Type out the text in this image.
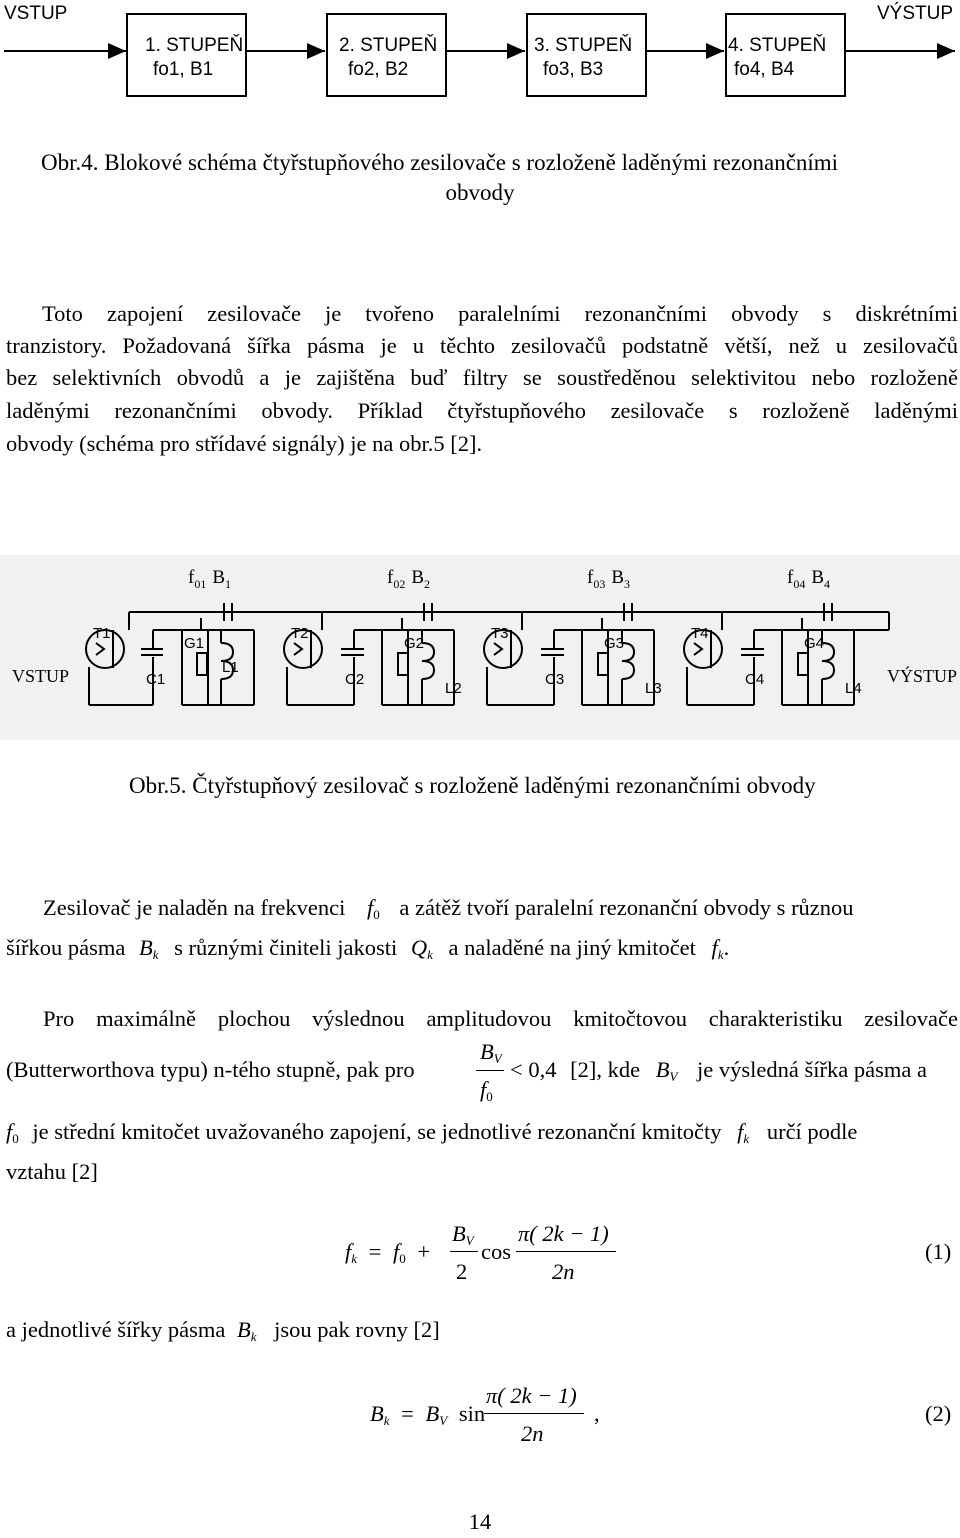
VSTUP	VÝSTUP
1. STUPEŇ
fo1, B1
2. STUPEŇ
fo2, B2
3. STUPEŇ
fo3, B3
4. STUPEŇ
fo4, B4
Obr.4. Blokové schéma čtyřstupňového zesilovače s rozloženě laděnými rezonančními
obvody
Toto zapojení zesilovače je tvořeno paralelními rezonančními obvody s diskrétními
tranzistory. Požadovaná šířka pásma je u těchto zesilovačů podstatně větší, než u zesilovačů
bez selektivních obvodů a je zajištěna buď filtry se soustředěnou selektivitou nebo rozloženě
laděnými rezonančními obvody. Příklad čtyřstupňového zesilovače s rozloženě laděnými
obvody (schéma pro střídavé signály) je na obr.5 [2].
$f_{01}$ $B_1$	$f_{02}$ $B_2$	$f_{03}$ $B_3$	$f_{04}$ $B_4$
T1
C1
G1
L1
T2
C2
G2
L2
T3
C3
G3
L3
T4
C4
G4
L4
VSTUP	VÝSTUP
Obr.5. Čtyřstupňový zesilovač s rozloženě laděnými rezonančními obvody
Zesilovač je naladěn na frekvenci $f_0$ a zátěž tvoří paralelní rezonanční obvody s různou
šířkou pásma $B_k$ s různými činiteli jakosti $Q_k$ a naladěné na jiný kmitočet $f_k$.
Pro maximálně plochou výslednou amplitudovou kmitočtovou charakteristiku zesilovače
(Butterworthova typu) n-tého stupně, pak pro
$B_V$
$f_0$
< 0,4 [2], kde $B_V$ je výsledná šířka pásma a
$f_0$ je střední kmitočet uvažovaného zapojení, se jednotlivé rezonanční kmitočty $f_k$ určí podle
vztahu [2]
$f_k = f_0$ +
$B_V$
2
cos
π( 2k − 1)
2n
(1)
a jednotlivé šířky pásma $B_k$ jsou pak rovny [2]
$B_k = B_V$ sin
π( 2k − 1)
2n
,	(2)
14
